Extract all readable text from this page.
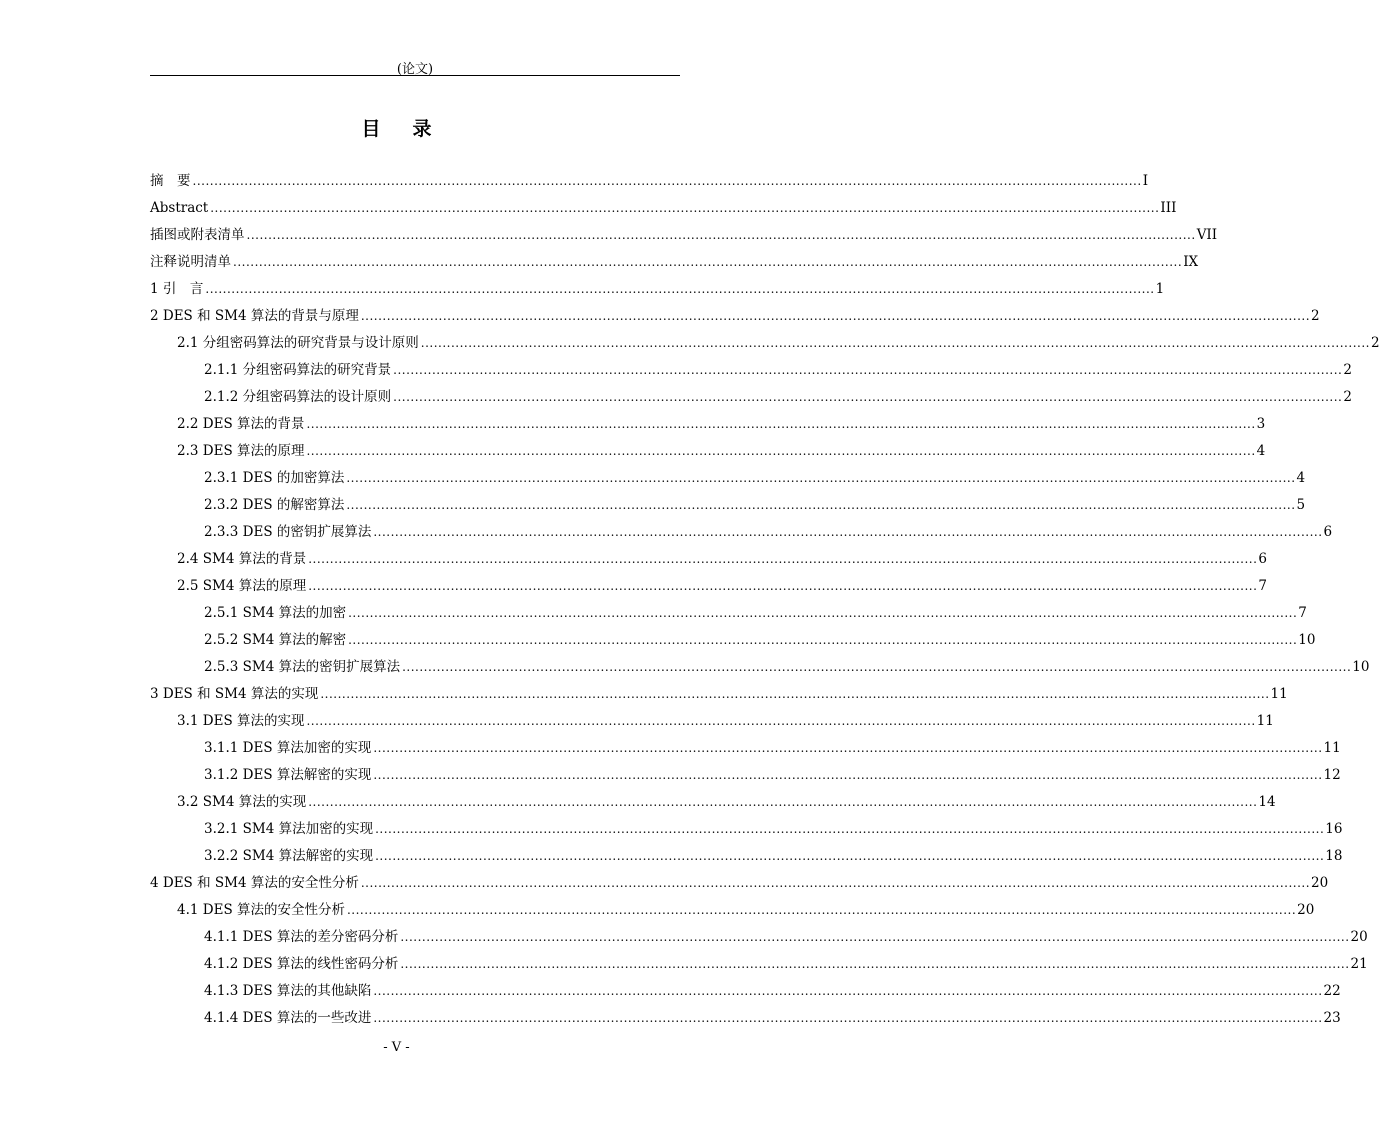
(论文)
目 录
摘　要 ............................................................................................................................................................................................................................ I
Abstract ............................................................................................................................................................................................................................ III
插图或附表清单 ............................................................................................................................................................................................................................ VII
注释说明清单 ............................................................................................................................................................................................................................ IX
1 引　言 ............................................................................................................................................................................................................................ 1
2 DES 和 SM4 算法的背景与原理 ............................................................................................................................................................................................................................ 2
2.1 分组密码算法的研究背景与设计原则 ............................................................................................................................................................................................................................ 2
2.1.1 分组密码算法的研究背景 ............................................................................................................................................................................................................................ 2
2.1.2 分组密码算法的设计原则 ............................................................................................................................................................................................................................ 2
2.2 DES 算法的背景 ............................................................................................................................................................................................................................ 3
2.3 DES 算法的原理 ............................................................................................................................................................................................................................ 4
2.3.1 DES 的加密算法 ............................................................................................................................................................................................................................ 4
2.3.2 DES 的解密算法 ............................................................................................................................................................................................................................ 5
2.3.3 DES 的密钥扩展算法 ............................................................................................................................................................................................................................ 6
2.4 SM4 算法的背景 ............................................................................................................................................................................................................................ 6
2.5 SM4 算法的原理 ............................................................................................................................................................................................................................ 7
2.5.1 SM4 算法的加密 ............................................................................................................................................................................................................................ 7
2.5.2 SM4 算法的解密 ............................................................................................................................................................................................................................ 10
2.5.3 SM4 算法的密钥扩展算法 ............................................................................................................................................................................................................................ 10
3 DES 和 SM4 算法的实现 ............................................................................................................................................................................................................................ 11
3.1 DES 算法的实现 ............................................................................................................................................................................................................................ 11
3.1.1 DES 算法加密的实现 ............................................................................................................................................................................................................................ 11
3.1.2 DES 算法解密的实现 ............................................................................................................................................................................................................................ 12
3.2 SM4 算法的实现 ............................................................................................................................................................................................................................ 14
3.2.1 SM4 算法加密的实现 ............................................................................................................................................................................................................................ 16
3.2.2 SM4 算法解密的实现 ............................................................................................................................................................................................................................ 18
4 DES 和 SM4 算法的安全性分析 ............................................................................................................................................................................................................................ 20
4.1 DES 算法的安全性分析 ............................................................................................................................................................................................................................ 20
4.1.1 DES 算法的差分密码分析 ............................................................................................................................................................................................................................ 20
4.1.2 DES 算法的线性密码分析 ............................................................................................................................................................................................................................ 21
4.1.3 DES 算法的其他缺陷 ............................................................................................................................................................................................................................ 22
4.1.4 DES 算法的一些改进 ............................................................................................................................................................................................................................ 23
- V -
